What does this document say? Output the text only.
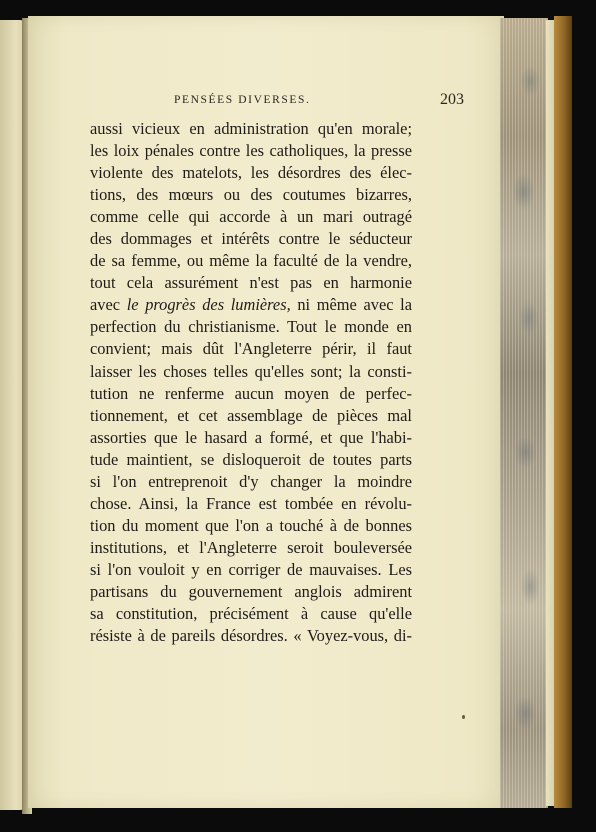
PENSÉES DIVERSES.	203
aussi vicieux en administration qu'en morale;
les loix pénales contre les catholiques, la presse
violente des matelots, les désordres des élec-
tions, des mœurs ou des coutumes bizarres,
comme celle qui accorde à un mari outragé
des dommages et intérêts contre le séducteur
de sa femme, ou même la faculté de la vendre,
tout cela assurément n'est pas en harmonie
avec le progrès des lumières, ni même avec la
perfection du christianisme. Tout le monde en
convient; mais dût l'Angleterre périr, il faut
laisser les choses telles qu'elles sont; la consti-
tution ne renferme aucun moyen de perfec-
tionnement, et cet assemblage de pièces mal
assorties que le hasard a formé, et que l'habi-
tude maintient, se disloqueroit de toutes parts
si l'on entreprenoit d'y changer la moindre
chose. Ainsi, la France est tombée en révolu-
tion du moment que l'on a touché à de bonnes
institutions, et l'Angleterre seroit bouleversée
si l'on vouloit y en corriger de mauvaises. Les
partisans du gouvernement anglois admirent
sa constitution, précisément à cause qu'elle
résiste à de pareils désordres. « Voyez-vous, di-
